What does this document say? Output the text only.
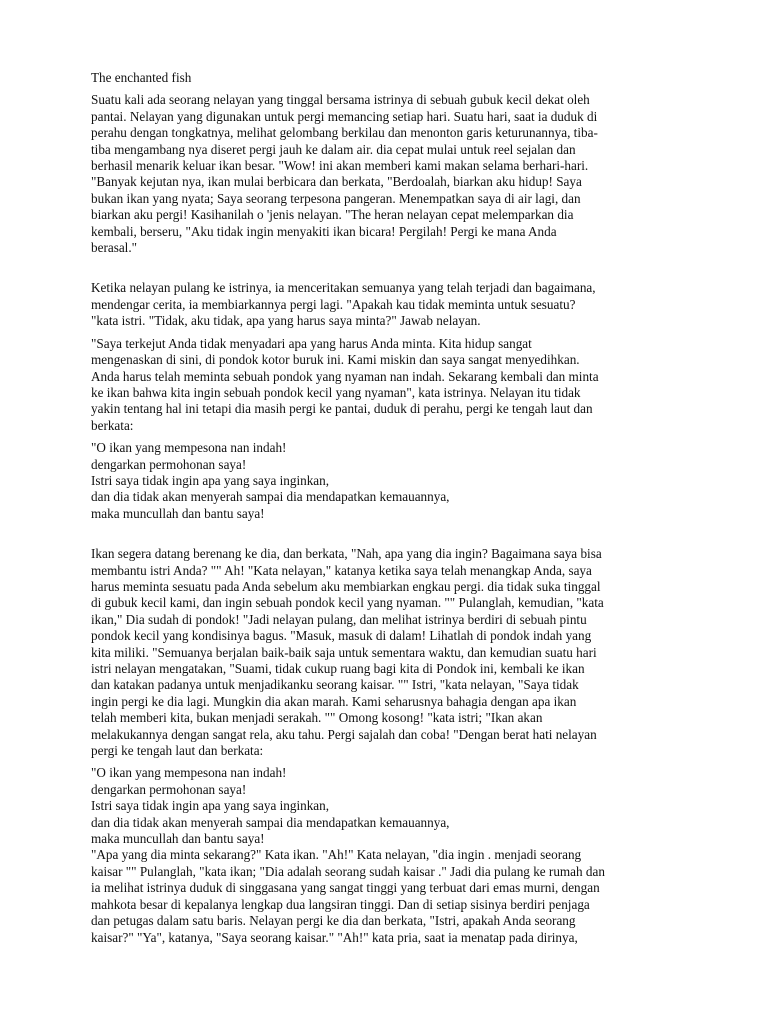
The enchanted fish
Suatu kali ada seorang nelayan yang tinggal bersama istrinya di sebuah gubuk kecil dekat oleh
pantai. Nelayan yang digunakan untuk pergi memancing setiap hari. Suatu hari, saat ia duduk di
perahu dengan tongkatnya, melihat gelombang berkilau dan menonton garis keturunannya, tiba-
tiba mengambang nya diseret pergi jauh ke dalam air. dia cepat mulai untuk reel sejalan dan
berhasil menarik keluar ikan besar. "Wow! ini akan memberi kami makan selama berhari-hari.
"Banyak kejutan nya, ikan mulai berbicara dan berkata, "Berdoalah, biarkan aku hidup! Saya
bukan ikan yang nyata; Saya seorang terpesona pangeran. Menempatkan saya di air lagi, dan
biarkan aku pergi! Kasihanilah o 'jenis nelayan. "The heran nelayan cepat melemparkan dia
kembali, berseru, "Aku tidak ingin menyakiti ikan bicara! Pergilah! Pergi ke mana Anda
berasal."
Ketika nelayan pulang ke istrinya, ia menceritakan semuanya yang telah terjadi dan bagaimana,
mendengar cerita, ia membiarkannya pergi lagi. "Apakah kau tidak meminta untuk sesuatu?
"kata istri. "Tidak, aku tidak, apa yang harus saya minta?" Jawab nelayan.
"Saya terkejut Anda tidak menyadari apa yang harus Anda minta. Kita hidup sangat
mengenaskan di sini, di pondok kotor buruk ini. Kami miskin dan saya sangat menyedihkan.
Anda harus telah meminta sebuah pondok yang nyaman nan indah. Sekarang kembali dan minta
ke ikan bahwa kita ingin sebuah pondok kecil yang nyaman", kata istrinya. Nelayan itu tidak
yakin tentang hal ini tetapi dia masih pergi ke pantai, duduk di perahu, pergi ke tengah laut dan
berkata:
"O ikan yang mempesona nan indah!
dengarkan permohonan saya!
Istri saya tidak ingin apa yang saya inginkan,
dan dia tidak akan menyerah sampai dia mendapatkan kemauannya,
maka muncullah dan bantu saya!
Ikan segera datang berenang ke dia, dan berkata, "Nah, apa yang dia ingin? Bagaimana saya bisa
membantu istri Anda? "" Ah! "Kata nelayan," katanya ketika saya telah menangkap Anda, saya
harus meminta sesuatu pada Anda sebelum aku membiarkan engkau pergi. dia tidak suka tinggal
di gubuk kecil kami, dan ingin sebuah pondok kecil yang nyaman. "" Pulanglah, kemudian, "kata
ikan," Dia sudah di pondok! "Jadi nelayan pulang, dan melihat istrinya berdiri di sebuah pintu
pondok kecil yang kondisinya bagus. "Masuk, masuk di dalam! Lihatlah di pondok indah yang
kita miliki. "Semuanya berjalan baik-baik saja untuk sementara waktu, dan kemudian suatu hari
istri nelayan mengatakan, "Suami, tidak cukup ruang bagi kita di Pondok ini, kembali ke ikan
dan katakan padanya untuk menjadikanku seorang kaisar. "" Istri, "kata nelayan, "Saya tidak
ingin pergi ke dia lagi. Mungkin dia akan marah. Kami seharusnya bahagia dengan apa ikan
telah memberi kita, bukan menjadi serakah. "" Omong kosong! "kata istri; "Ikan akan
melakukannya dengan sangat rela, aku tahu. Pergi sajalah dan coba! "Dengan berat hati nelayan
pergi ke tengah laut dan berkata:
"O ikan yang mempesona nan indah!
dengarkan permohonan saya!
Istri saya tidak ingin apa yang saya inginkan,
dan dia tidak akan menyerah sampai dia mendapatkan kemauannya,
maka muncullah dan bantu saya!
"Apa yang dia minta sekarang?" Kata ikan. "Ah!" Kata nelayan, "dia ingin . menjadi seorang
kaisar "" Pulanglah, "kata ikan; "Dia adalah seorang sudah kaisar ." Jadi dia pulang ke rumah dan
ia melihat istrinya duduk di singgasana yang sangat tinggi yang terbuat dari emas murni, dengan
mahkota besar di kepalanya lengkap dua langsiran tinggi. Dan di setiap sisinya berdiri penjaga
dan petugas dalam satu baris. Nelayan pergi ke dia dan berkata, "Istri, apakah Anda seorang
kaisar?" "Ya", katanya, "Saya seorang kaisar." "Ah!" kata pria, saat ia menatap pada dirinya,
